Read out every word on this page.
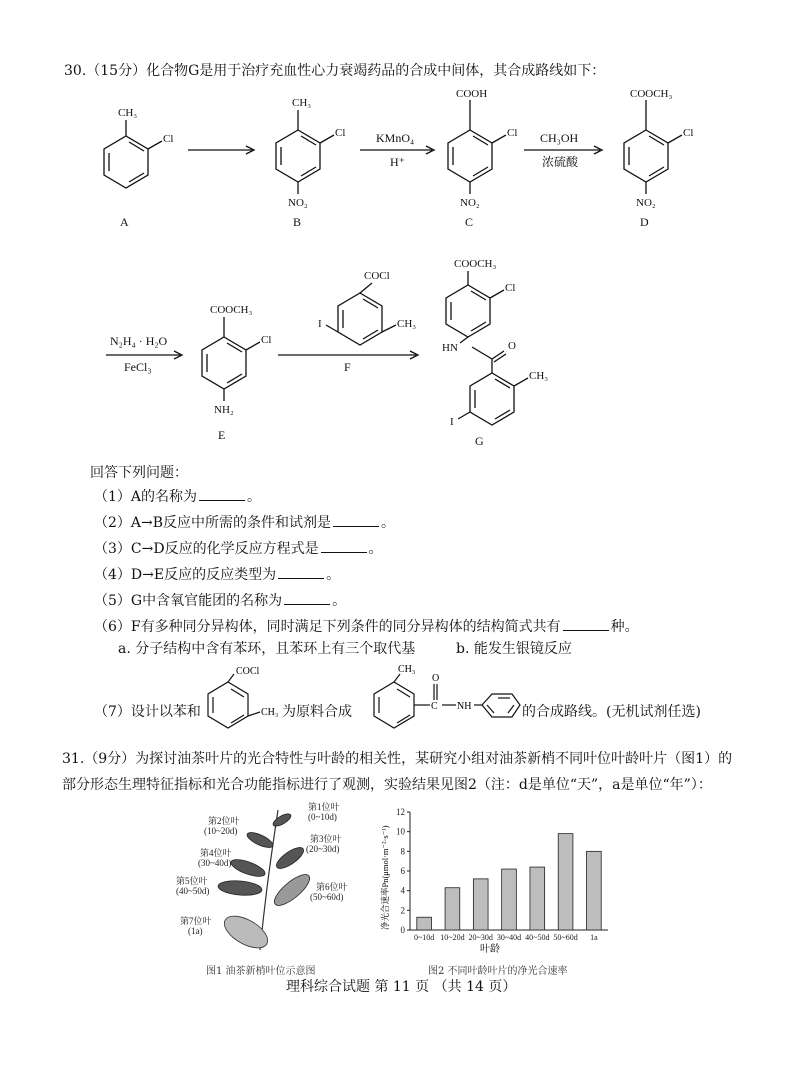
30.（15分）化合物G是用于治疗充血性心力衰竭药品的合成中间体，其合成路线如下：
CH₃
Cl
CH₃
Cl
NO₂
COOH
Cl
NO₂
COOCH₃
Cl
NO₂
KMnO₄
H⁺
CH₃OH
浓硫酸
A	B	C	D
COOCH₃
Cl
NH₂
COCl
I	CH₃
COOCH₃
Cl
HN	O
CH₃
I
N₂H₄ · H₂O
FeCl₃	F
E	G
回答下列问题：
（1）A的名称为	。
（2）A→B反应中所需的条件和试剂是	。
（3）C→D反应的化学反应方程式是	。
（4）D→E反应的反应类型为	。
（5）G中含氧官能团的名称为	。
（6）F有多种同分异构体，同时满足下列条件的同分异构体的结构简式共有	种。
a. 分子结构中含有苯环，且苯环上有三个取代基	b. 能发生银镜反应
（7）设计以苯和
COCl
CH₃ 为原料合成
CH₃
O
C NH	的合成路线。(无机试剂任选)
31.（9分）为探讨油茶叶片的光合特性与叶龄的相关性，某研究小组对油茶新梢不同叶位叶龄叶片（图1）的
部分形态生理特征指标和光合功能指标进行了观测，实验结果见图2（注：d是单位“天”，a是单位“年”）：
第1位叶
(0~10d)
第2位叶
(10~20d)
第3位叶
(20~30d)
第4位叶
(30~40d)
第5位叶
(40~50d)	第6位叶
(50~60d)
第7位叶
(1a)
图1 油茶新梢叶位示意图
0
2
4
6
8
10
12
0~10d 10~20d 20~30d 30~40d 40~50d 50~60d 1a
叶龄
净光合速率Pn(μmol·m⁻²·s⁻¹)
图2 不同叶龄叶片的净光合速率
理科综合试题 第 11 页 （共 14 页）
